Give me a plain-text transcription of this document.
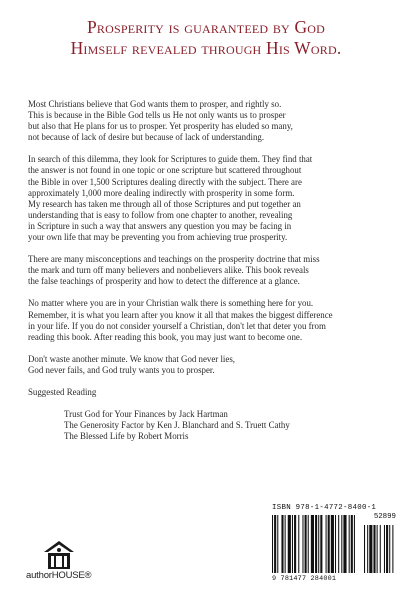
Prosperity is guaranteed by God
Himself revealed through His Word.

Most Christians believe that God wants them to prosper, and rightly so.
This is because in the Bible God tells us He not only wants us to prosper
but also that He plans for us to prosper. Yet prosperity has eluded so many,
not because of lack of desire but because of lack of understanding.

In search of this dilemma, they look for Scriptures to guide them. They find that
the answer is not found in one topic or one scripture but scattered throughout
the Bible in over 1,500 Scriptures dealing directly with the subject. There are
approximately 1,000 more dealing indirectly with prosperity in some form.
My research has taken me through all of those Scriptures and put together an
understanding that is easy to follow from one chapter to another, revealing
in Scripture in such a way that answers any question you may be facing in
your own life that may be preventing you from achieving true prosperity.

There are many misconceptions and teachings on the prosperity doctrine that miss
the mark and turn off many believers and nonbelievers alike. This book reveals
the false teachings of prosperity and how to detect the difference at a glance.

No matter where you are in your Christian walk there is something here for you.
Remember, it is what you learn after you know it all that makes the biggest difference
in your life. If you do not consider yourself a Christian, don't let that deter you from
reading this book. After reading this book, you may just want to become one.

Don't waste another minute. We know that God never lies,
God never fails, and God truly wants you to prosper.

Suggested Reading
Trust God for Your Finances by Jack Hartman
The Generosity Factor by Ken J. Blanchard and S. Truett Cathy
The Blessed Life by Robert Morris
authorHOUSE®
ISBN 978-1-4772-8400-1
52899
9 781477 284001
